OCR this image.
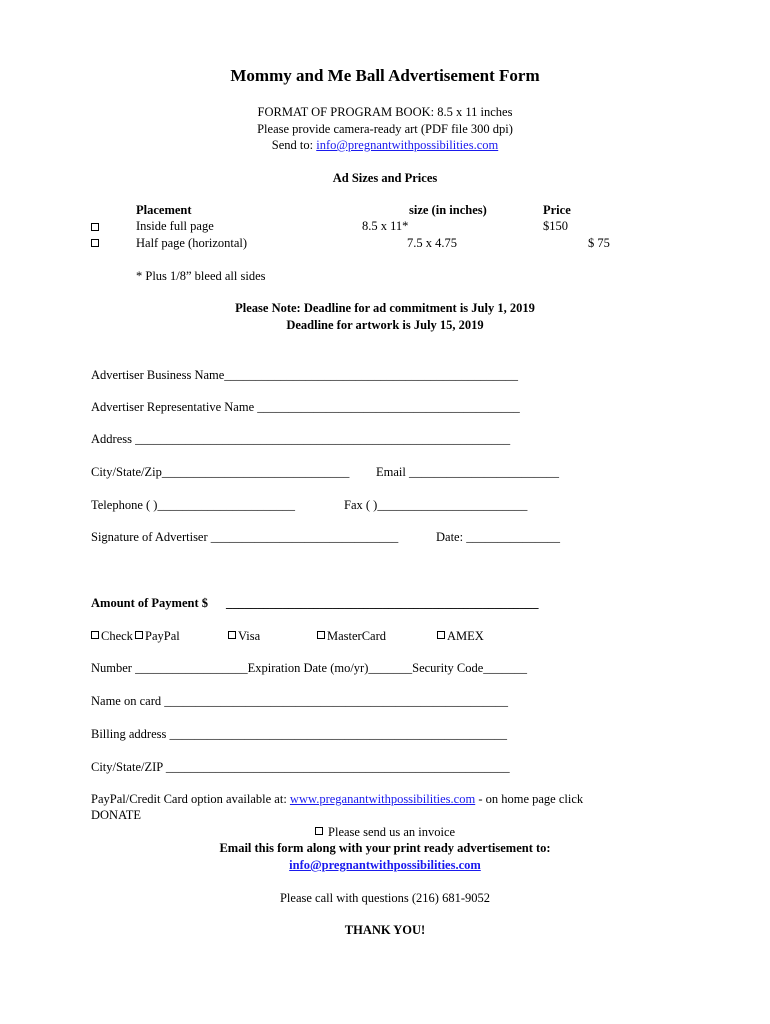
Mommy and Me Ball Advertisement Form
FORMAT OF PROGRAM BOOK: 8.5 x 11 inches
Please provide camera-ready art (PDF file 300 dpi)
Send to: info@pregnantwithpossibilities.com
Ad Sizes and Prices
Placement	size (in inches)	Price
Inside full page	8.5 x 11*	$150
Half page (horizontal)	7.5 x 4.75	$ 75
* Plus 1/8” bleed all sides
Please Note: Deadline for ad commitment is July 1, 2019
Deadline for artwork is July 15, 2019
Advertiser Business Name_______________________________________________
Advertiser Representative Name __________________________________________
Address ____________________________________________________________
City/State/Zip______________________________ Email ________________________
Telephone ( )______________________	Fax ( )________________________
Signature of Advertiser ______________________________	Date: _______________
Amount of Payment $ __________________________________________________
Check PayPal	Visa	MasterCard	AMEX
Number __________________Expiration Date (mo/yr)_______Security Code_______
Name on card _______________________________________________________
Billing address ______________________________________________________
City/State/ZIP _______________________________________________________
PayPal/Credit Card option available at: www.preganantwithpossibilities.com - on home page click
DONATE
Please send us an invoice
Email this form along with your print ready advertisement to:
info@pregnantwithpossibilities.com
Please call with questions (216) 681-9052
THANK YOU!
